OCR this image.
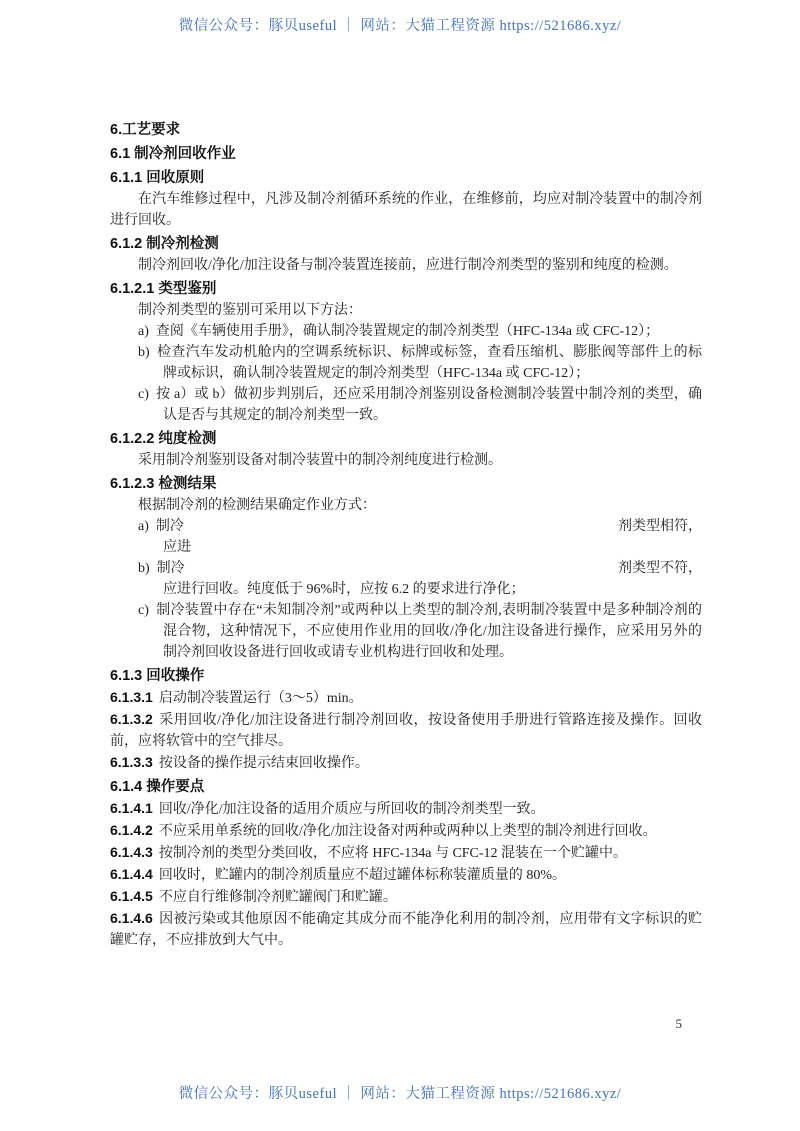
微信公众号：豚贝useful ｜ 网站：大猫工程资源 https://521686.xyz/
6.工艺要求
6.1 制冷剂回收作业
6.1.1 回收原则
在汽车维修过程中，凡涉及制冷剂循环系统的作业，在维修前，均应对制冷装置中的制冷剂进行回收。
6.1.2 制冷剂检测
制冷剂回收/净化/加注设备与制冷装置连接前，应进行制冷剂类型的鉴别和纯度的检测。
6.1.2.1 类型鉴别
制冷剂类型的鉴别可采用以下方法：
a) 查阅《车辆使用手册》，确认制冷装置规定的制冷剂类型（HFC-134a 或 CFC-12）；
b) 检查汽车发动机舱内的空调系统标识、标牌或标签，查看压缩机、膨胀阀等部件上的标牌或标识，确认制冷装置规定的制冷剂类型（HFC-134a 或 CFC-12）；
c) 按 a）或 b）做初步判别后，还应采用制冷剂鉴别设备检测制冷装置中制冷剂的类型，确认是否与其规定的制冷剂类型一致。
6.1.2.2 纯度检测
采用制冷剂鉴别设备对制冷装置中的制冷剂纯度进行检测。
6.1.2.3 检测结果
根据制冷剂的检测结果确定作业方式：
a) 制冷	剂类型相符，
应进
b) 制冷	剂类型不符，
应进行回收。纯度低于 96%时，应按 6.2 的要求进行净化；
c) 制冷装置中存在“未知制冷剂”或两种以上类型的制冷剂,表明制冷装置中是多种制冷剂的混合物，这种情况下，不应使用作业用的回收/净化/加注设备进行操作，应采用另外的制冷剂回收设备进行回收或请专业机构进行回收和处理。
6.1.3 回收操作
6.1.3.1 启动制冷装置运行（3～5）min。
6.1.3.2 采用回收/净化/加注设备进行制冷剂回收，按设备使用手册进行管路连接及操作。回收前，应将软管中的空气排尽。
6.1.3.3 按设备的操作提示结束回收操作。
6.1.4 操作要点
6.1.4.1 回收/净化/加注设备的适用介质应与所回收的制冷剂类型一致。
6.1.4.2 不应采用单系统的回收/净化/加注设备对两种或两种以上类型的制冷剂进行回收。
6.1.4.3 按制冷剂的类型分类回收，不应将 HFC-134a 与 CFC-12 混装在一个贮罐中。
6.1.4.4 回收时，贮罐内的制冷剂质量应不超过罐体标称装灌质量的 80%。
6.1.4.5 不应自行维修制冷剂贮罐阀门和贮罐。
6.1.4.6 因被污染或其他原因不能确定其成分而不能净化利用的制冷剂，应用带有文字标识的贮罐贮存，不应排放到大气中。
5
微信公众号：豚贝useful ｜ 网站：大猫工程资源 https://521686.xyz/
